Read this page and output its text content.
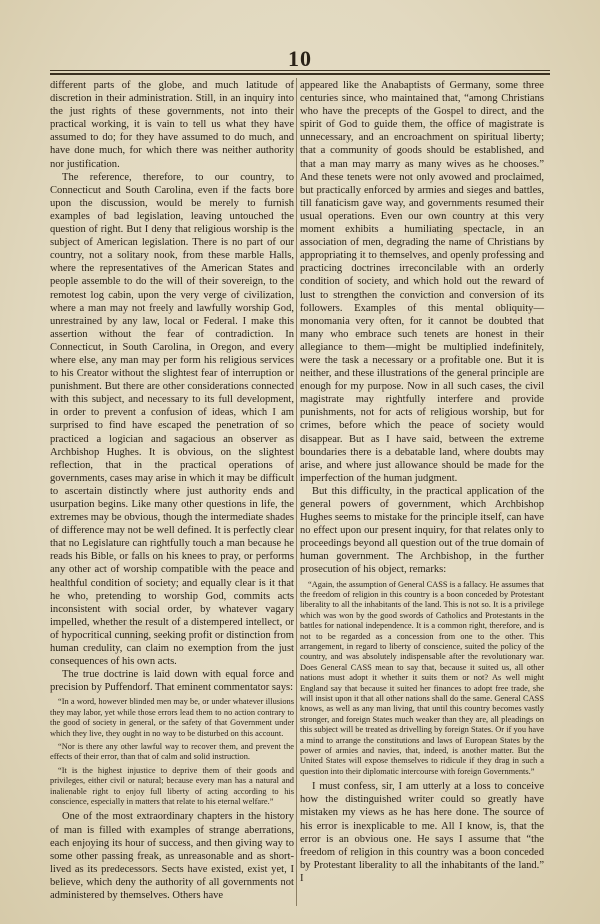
10

different parts of the globe, and much latitude of discretion in their administration. Still, in an inquiry into the just rights of these governments, not into their practical working, it is vain to tell us what they have assumed to do; for they have assumed to do much, and have done much, for which there was neither authority nor justification.

The reference, therefore, to our country, to Connecticut and South Carolina, even if the facts bore upon the discussion, would be merely to furnish examples of bad legislation, leaving untouched the question of right. But I deny that religious worship is the subject of American legislation. There is no part of our country, not a solitary nook, from these marble Halls, where the representatives of the American States and people assemble to do the will of their sovereign, to the remotest log cabin, upon the very verge of civilization, where a man may not freely and lawfully worship God, unrestrained by any law, local or Federal. I make this assertion without the fear of contradiction. In Connecticut, in South Carolina, in Oregon, and every where else, any man may per form his religious services to his Creator without the slightest fear of interruption or punishment. But there are other considerations connected with this subject, and necessary to its full development, in order to prevent a confusion of ideas, which I am surprised to find have escaped the penetration of so practiced a logician and sagacious an observer as Archbishop Hughes. It is obvious, on the slightest reflection, that in the practical operations of governments, cases may arise in which it may be difficult to ascertain distinctly where just authority ends and usurpation begins. Like many other questions in life, the extremes may be obvious, though the intermediate shades of difference may not be well defined. It is perfectly clear that no Legislature can rightfully touch a man because he reads his Bible, or falls on his knees to pray, or performs any other act of worship compatible with the peace and healthful condition of society; and equally clear is it that he who, pretending to worship God, commits acts inconsistent with social order, by whatever vagary impelled, whether the result of a distempered intellect, or of hypocritical cunning, seeking profit or distinction from human credulity, can claim no exemption from the just consequences of his own acts.

The true doctrine is laid down with equal force and precision by Puffendorf. That eminent commentator says:

“In a word, however blinded men may be, or under whatever illusions they may labor, yet while those errors lead them to no action contrary to the good of society in general, or the safety of that Government under which they live, they ought in no way to be disturbed on this account.

“Nor is there any other lawful way to recover them, and prevent the effects of their error, than that of calm and solid instruction.

“It is the highest injustice to deprive them of their goods and privileges, either civil or natural; because every man has a natural and inalienable right to enjoy full liberty of acting according to his conscience, especially in matters that relate to his eternal welfare.”

One of the most extraordinary chapters in the history of man is filled with examples of strange aberrations, each enjoying its hour of success, and then giving way to some other passing freak, as unreasonable and as short-lived as its predecessors. Sects have existed, exist yet, I believe, which deny the authority of all governments not administered by themselves. Others have

appeared like the Anabaptists of Germany, some three centuries since, who maintained that, “among Christians who have the precepts of the Gospel to direct, and the spirit of God to guide them, the office of magistrate is unnecessary, and an encroachment on spiritual liberty; that a community of goods should be established, and that a man may marry as many wives as he chooses.” And these tenets were not only avowed and proclaimed, but practically enforced by armies and sieges and battles, till fanaticism gave way, and governments resumed their usual operations. Even our own country at this very moment exhibits a humiliating spectacle, in an association of men, degrading the name of Christians by appropriating it to themselves, and openly professing and practicing doctrines irreconcilable with an orderly condition of society, and which hold out the reward of lust to strengthen the conviction and conversion of its followers. Examples of this mental obliquity—monomania very often, for it cannot be doubted that many who embrace such tenets are honest in their allegiance to them—might be multiplied indefinitely, were the task a necessary or a profitable one. But it is neither, and these illustrations of the general principle are enough for my purpose. Now in all such cases, the civil magistrate may rightfully interfere and provide punishments, not for acts of religious worship, but for crimes, before which the peace of society would disappear. But as I have said, between the extreme boundaries there is a debatable land, where doubts may arise, and where just allowance should be made for the imperfection of the human judgment.

But this difficulty, in the practical application of the general powers of government, which Archbishop Hughes seems to mistake for the principle itself, can have no effect upon our present inquiry, for that relates only to proceedings beyond all question out of the true domain of human government. The Archbishop, in the further prosecution of his object, remarks:

“Again, the assumption of General CASS is a fallacy. He assumes that the freedom of religion in this country is a boon conceded by Protestant liberality to all the inhabitants of the land. This is not so. It is a privilege which was won by the good swords of Catholics and Protestants in the battles for national independence. It is a common right, therefore, and is not to be regarded as a concession from one to the other. This arrangement, in regard to liberty of conscience, suited the policy of the country, and was absolutely indispensable after the revolutionary war. Does General CASS mean to say that, because it suited us, all other nations must adopt it whether it suits them or not? As well might England say that because it suited her finances to adopt free trade, she will insist upon it that all other nations shall do the same. General CASS knows, as well as any man living, that until this country becomes vastly stronger, and foreign States much weaker than they are, all pleadings on this subject will be treated as drivelling by foreign States. Or if you have a mind to arrange the constitutions and laws of European States by the power of armies and navies, that, indeed, is another matter. But the United States will expose themselves to ridicule if they drag in such a question into their diplomatic intercourse with foreign Governments.”

I must confess, sir, I am utterly at a loss to conceive how the distinguished writer could so greatly have mistaken my views as he has here done. The source of his error is inexplicable to me. All I know, is, that the error is an obvious one. He says I assume that “the freedom of religion in this country was a boon conceded by Protestant liberality to all the inhabitants of the land.” I
